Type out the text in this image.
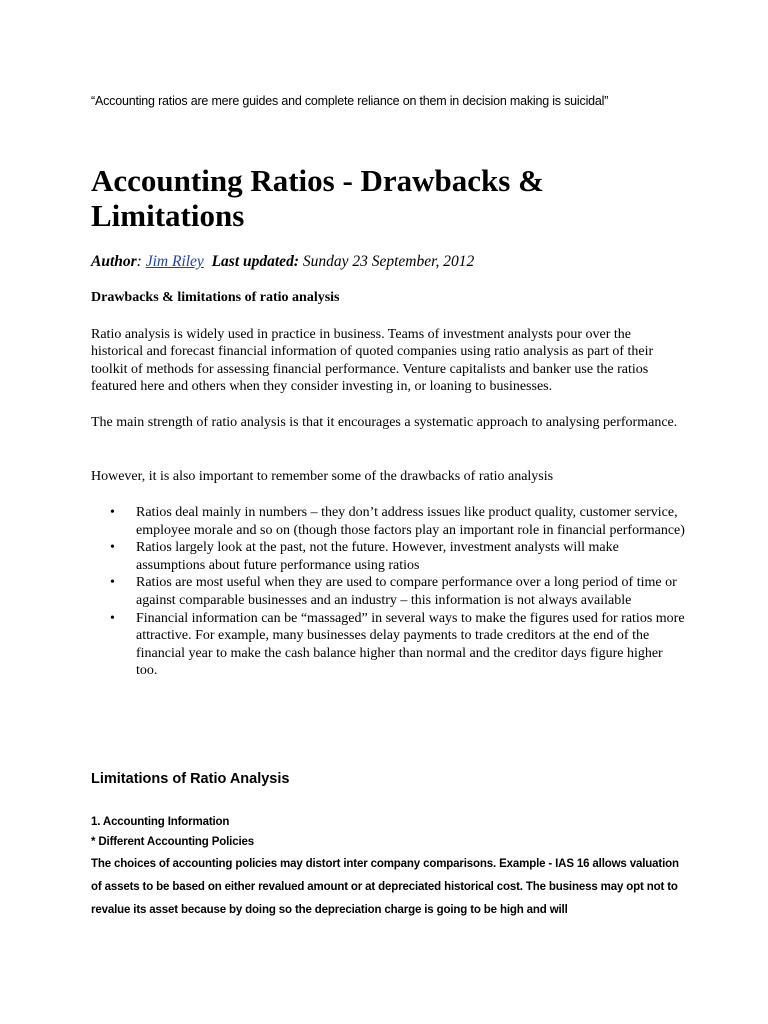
“Accounting ratios are mere guides and complete reliance on them in decision making is suicidal”
Accounting Ratios - Drawbacks & Limitations
Author: Jim Riley Last updated: Sunday 23 September, 2012
Drawbacks & limitations of ratio analysis

Ratio analysis is widely used in practice in business. Teams of investment analysts pour over the historical and forecast financial information of quoted companies using ratio analysis as part of their toolkit of methods for assessing financial performance. Venture capitalists and banker use the ratios featured here and others when they consider investing in, or loaning to businesses.

The main strength of ratio analysis is that it encourages a systematic approach to analysing performance.

However, it is also important to remember some of the drawbacks of ratio analysis

• Ratios deal mainly in numbers – they don’t address issues like product quality, customer service, employee morale and so on (though those factors play an important role in financial performance)
• Ratios largely look at the past, not the future. However, investment analysts will make assumptions about future performance using ratios
• Ratios are most useful when they are used to compare performance over a long period of time or against comparable businesses and an industry – this information is not always available
• Financial information can be “massaged” in several ways to make the figures used for ratios more attractive. For example, many businesses delay payments to trade creditors at the end of the financial year to make the cash balance higher than normal and the creditor days figure higher too.
Limitations of Ratio Analysis
1. Accounting Information
* Different Accounting Policies

The choices of accounting policies may distort inter company comparisons. Example - IAS 16 allows valuation of assets to be based on either revalued amount or at depreciated historical cost. The business may opt not to revalue its asset because by doing so the depreciation charge is going to be high and will
